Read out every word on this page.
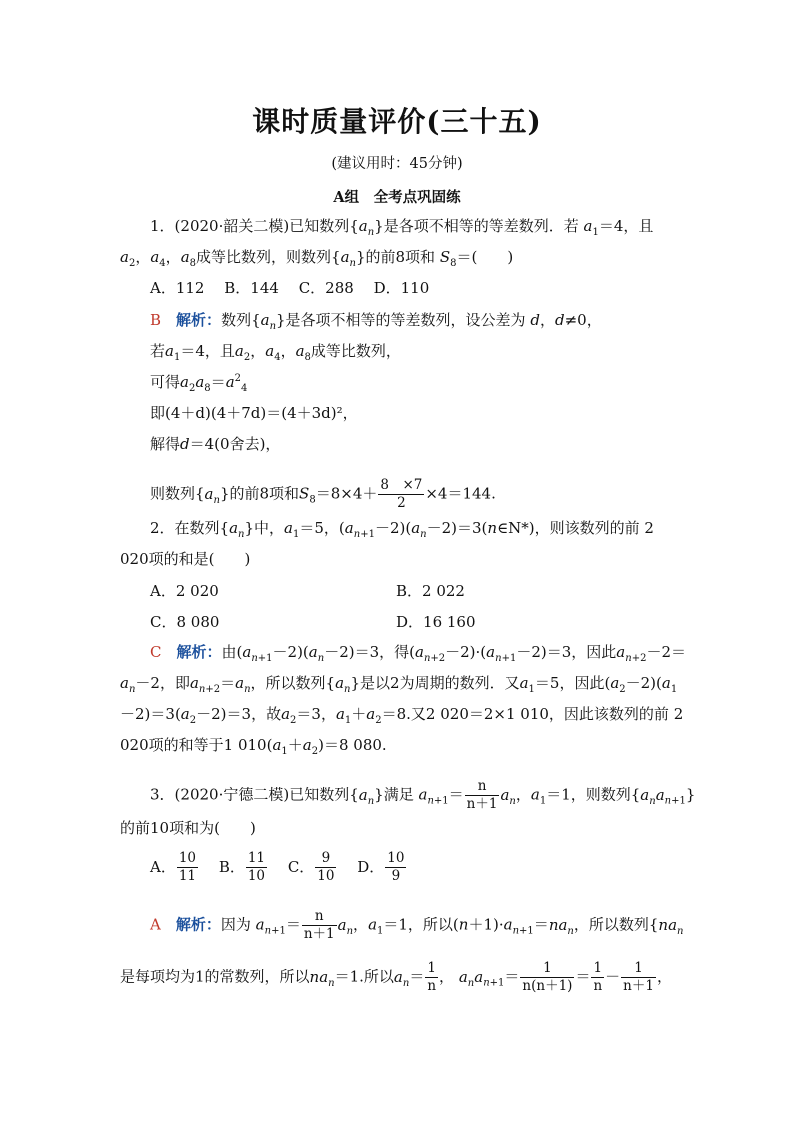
课时质量评价(三十五)
(建议用时：45分钟)
A组　全考点巩固练
1．(2020·韶关二模)已知数列$\{a_n\}$是各项不相等的等差数列．若 $a_1=4$，且
$a_2$，$a_4$，$a_8$成等比数列，则数列$\{a_n\}$的前8项和 $S_8=$(　　)
A．112　 B．144　 C．288　 D．110
B　 解析：数列$\{a_n\}$是各项不相等的等差数列，设公差为 d，d≠0，
若$a_1=4$，且$a_2$，$a_4$，$a_8$成等比数列，
可得$a_2a_8=a^2_4$
即(4＋d)(4＋7d)＝(4＋3d)²，
解得d＝4(0舍去)，
则数列$\{a_n\}$的前8项和$S_8=8\times 4+ \frac{8 \times 7}{2} \times 4=144$.
2．在数列$\{a_n\}$中，$a_1=5$，$(a_{n+1}-2)(a_n-2)=3(n\in N*)$，则该数列的前 2
020项的和是(　　)
A．2 020	B．2 022
C．8 080	D．16 160
C　 解析：由$(a_{n+1}-2)(a_n-2)=3$，得$(a_{n+2}-2)\cdot(a_{n+1}-2)=3$，因此$a_{n+2}-2=$
$a_n-2$，即$a_{n+2}=a_n$，所以数列$\{a_n\}$是以2为周期的数列．又$a_1=5$，因此$(a_2-2)(a_1$
$-2)=3(a_2-2)=3$，故$a_2=3$，$a_1+a_2=8$.又2 020＝2×1 010，因此该数列的前 2
020项的和等于1 $010(a_1+a_2)=8$ 080.
3．(2020·宁德二模)已知数列$\{a_n\}$满足 $a_{n+1}= \frac{n}{n+1} a_n$，$a_1=1$，则数列$\{a_na_{n+1}\}$
的前10项和为(　　)
A． $\frac{10}{11}$
　 B． $\frac{11}{10}$
　 C． $\frac{9}{10}$
　 D． $\frac{10}{9}$
A　 解析：因为 $a_{n+1}= \frac{n}{n+1} a_n$，$a_1=1$，所以$(n+1)\cdot a_{n+1}=na_n$，所以数列{$na_n$
是每项均为1的常数列，所以$na_n=1$.所以$a_n= \frac{1}{n}$ ， $a_na_{n+1}= \frac{1}{n(n+1)} = \frac{1}{n} - \frac{1}{n+1}$ ，
